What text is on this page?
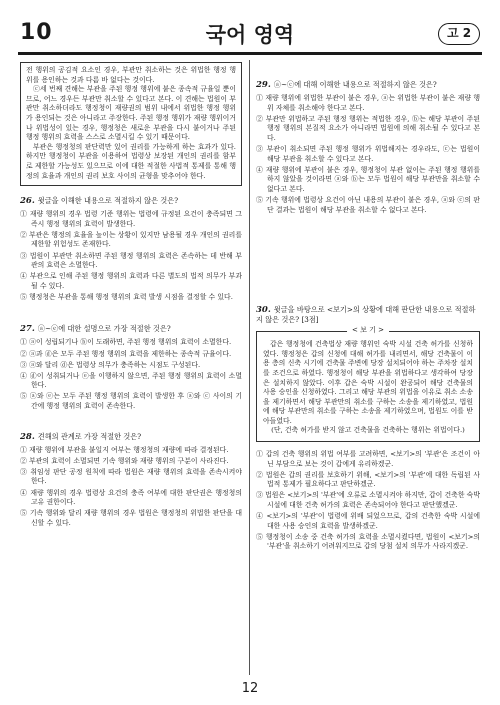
10	국어 영역	고 2

전 행위의 공김적 요소인 경우, 부관만 취소하는 것은 위법한 행정 행위를 용인하는 것과 다름 바 없다는 것이다.

ⓒ세 번째 견해는 부관을 주된 행정 행위에 붙은 종속적 규율일 뿐이므로, 어느 경우든 부관만 취소할 수 있다고 본다. 이 견해는 법원이 부관만 취소하더라도 행정청이 재량권의 범위 내에서 위법한 행정 행위가 용인되는 것은 아니라고 주장한다. 주된 행정 행위가 재량 행위이거나 위법성이 있는 경우, 행정청은 새로운 부관을 다시 붙이거나 주된 행정 행위의 효력을 스스로 소멸시킬 수 있기 때문이다.

부관은 행정청의 판단력만 있어 권리를 가능하게 하는 효과가 있다. 하지만 행정청이 부관을 이용하여 법령상 보장된 개인의 권리를 함부로 제한할 가능성도 있으므로 이에 대한 적절한 사법적 통제를 통해 행정의 효율과 개인의 권리 보호 사이의 균형을 맞추어야 한다.

26. 윗글을 이해한 내용으로 적절하지 않은 것은?
① 재량 행위의 경우 법령 기준 행위는 법령에 규정된 요건이 충족되면 그 즉시 행정 행위의 효력이 발생한다.
② 부관은 행정의 효율을 높이는 상황이 있지만 남용될 경우 개인의 권리를 제한할 위험성도 존재한다.
③ 법원이 부관만 취소하면 주된 행정 행위의 효력은 존속하는 데 반해 부관의 효력은 소멸한다.
④ 부관으로 인해 주된 행정 행위의 효력과 다른 별도의 법적 의무가 부과될 수 있다.
⑤ 행정청은 부관을 통해 행정 행위의 효력 발생 시점을 결정할 수 있다.
27. ⓐ~ⓔ에 대한 설명으로 가장 적절한 것은?
① ⓐ이 성립되기나 ⓑ이 도래하면, 주된 행정 행위의 효력이 소멸한다.
② ⓐ과 ⓓ은 모두 주된 행정 행위의 효력을 제한하는 종속적 규율이다.
③ ⓐ와 달리 ⓓ은 법령상 의무가 충족하는 시점도 구성된다.
④ ⓓ이 성취되거나 ⓔ을 이행하지 않으면, 주된 행정 행위의 효력이 소멸한다.
⑤ ⓐ와 ⓔ는 모두 주된 행정 행위의 효력이 발생한 후 ⓐ와 ⓒ 사이의 기간에 행정 행위의 효력이 존속한다.
28. 견해의 관계로 가장 적절한 것은?
① 재량 행위에 부관을 붙일지 여부는 행정청의 재량에 따라 결정된다.
② 부관의 효력이 소멸되면 기속 행위와 재량 행위의 구분이 사라진다.
③ 취임성 판단 공정 원칙에 따라 법원은 재량 행위의 효력을 존속시켜야 한다.
④ 재량 행위의 경우 법령상 요건의 충족 여부에 대한 판단권은 행정청의 고유 권한이다.
⑤ 기속 행위와 달리 재량 행위의 경우 법원은 행정청의 위법한 판단을 대신할 수 있다.
29. ⓐ~ⓒ에 대해 이해한 내용으로 적절하지 않은 것은?
① 재량 행위에 위법한 부관이 붙은 경우, ⓐ는 위법한 부관이 붙은 재량 행위 자체를 취소해야 한다고 본다.
② 부관만 위법하고 주된 행정 행위는 적법한 경우, ⓑ는 해당 부관이 주된 행정 행위의 본질적 요소가 아니라면 법원에 의해 취소될 수 있다고 본다.
③ 부관이 취소되면 주된 행정 행위가 위법해지는 경우라도, ⓒ는 법원이 해당 부관을 취소할 수 있다고 본다.
④ 재량 행위에 부관이 붙은 경우, 행정청이 부관 없이는 주된 행정 행위를 하지 않았을 것이라면 ⓐ와 ⓑ는 모두 법원이 해당 부관만을 취소할 수 없다고 본다.
⑤ 기속 행위에 법령상 요건이 아닌 내용의 부관이 붙은 경우, ⓐ와 ⓒ의 판단 결과는 법원이 해당 부관을 취소할 수 없다고 본다.
30. 윗글을 바탕으로 <보기>의 상황에 대해 판단한 내용으로 적절하지 않은 것은? [3점]
< 보 기 >

갑은 행정청에 건축법상 재량 행위인 숙박 시설 건축 허가를 신청하였다. 행정청은 갑의 신청에 대해 허가를 내리면서, 해당 건축물이 이용 층의 신축 시기에 건축물 주변에 당장 설치되어야 하는 주차장 설치를 조건으로 하였다. 행정청이 해당 부관을 위법하다고 생각하여 당장은 설치하지 않았다. 이후 갑은 숙박 시설이 완공되어 해당 건축물의 사용 승인을 신청하였다. 그리고 해당 부관의 위법을 이유로 취소 소송을 제기하면서 해당 부관만의 취소를 구하는 소송을 제기하였고, 법원에 해당 부관만의 취소를 구하는 소송을 제기하였으며, 법원도 이를 받아들였다.

(단, 건축 허가를 받지 않고 건축물을 건축하는 행위는 위법이다.)

① 갑의 건축 행위의 위법 여부를 고려하면, <보기>의 '부관'은 조건이 아닌 부담으로 보는 것이 갑에게 유리하겠군.
② 법원은 갑의 권리를 보호하기 위해, <보기>의 '부관'에 대한 독립된 사법적 통제가 필요하다고 판단하겠군.
③ 법원은 <보기>의 '부관'에 오류로 소멸시켜야 하지만, 갑이 건축한 숙박 시설에 대한 건축 허가의 효력은 존속되어야 한다고 판단했겠군.
④ <보기>의 '부관'이 법령에 위배 되었으므로, 갑의 건축한 숙박 시설에 대한 사용 승인의 효력을 발생하겠군.
⑤ 행정청이 소송 중 건축 허가의 효력을 소멸시켰다면, 법원이 <보기>의 '부관'을 취소하기 어려워지므로 갑의 당첨 설치 의무가 사라지겠군.
12
